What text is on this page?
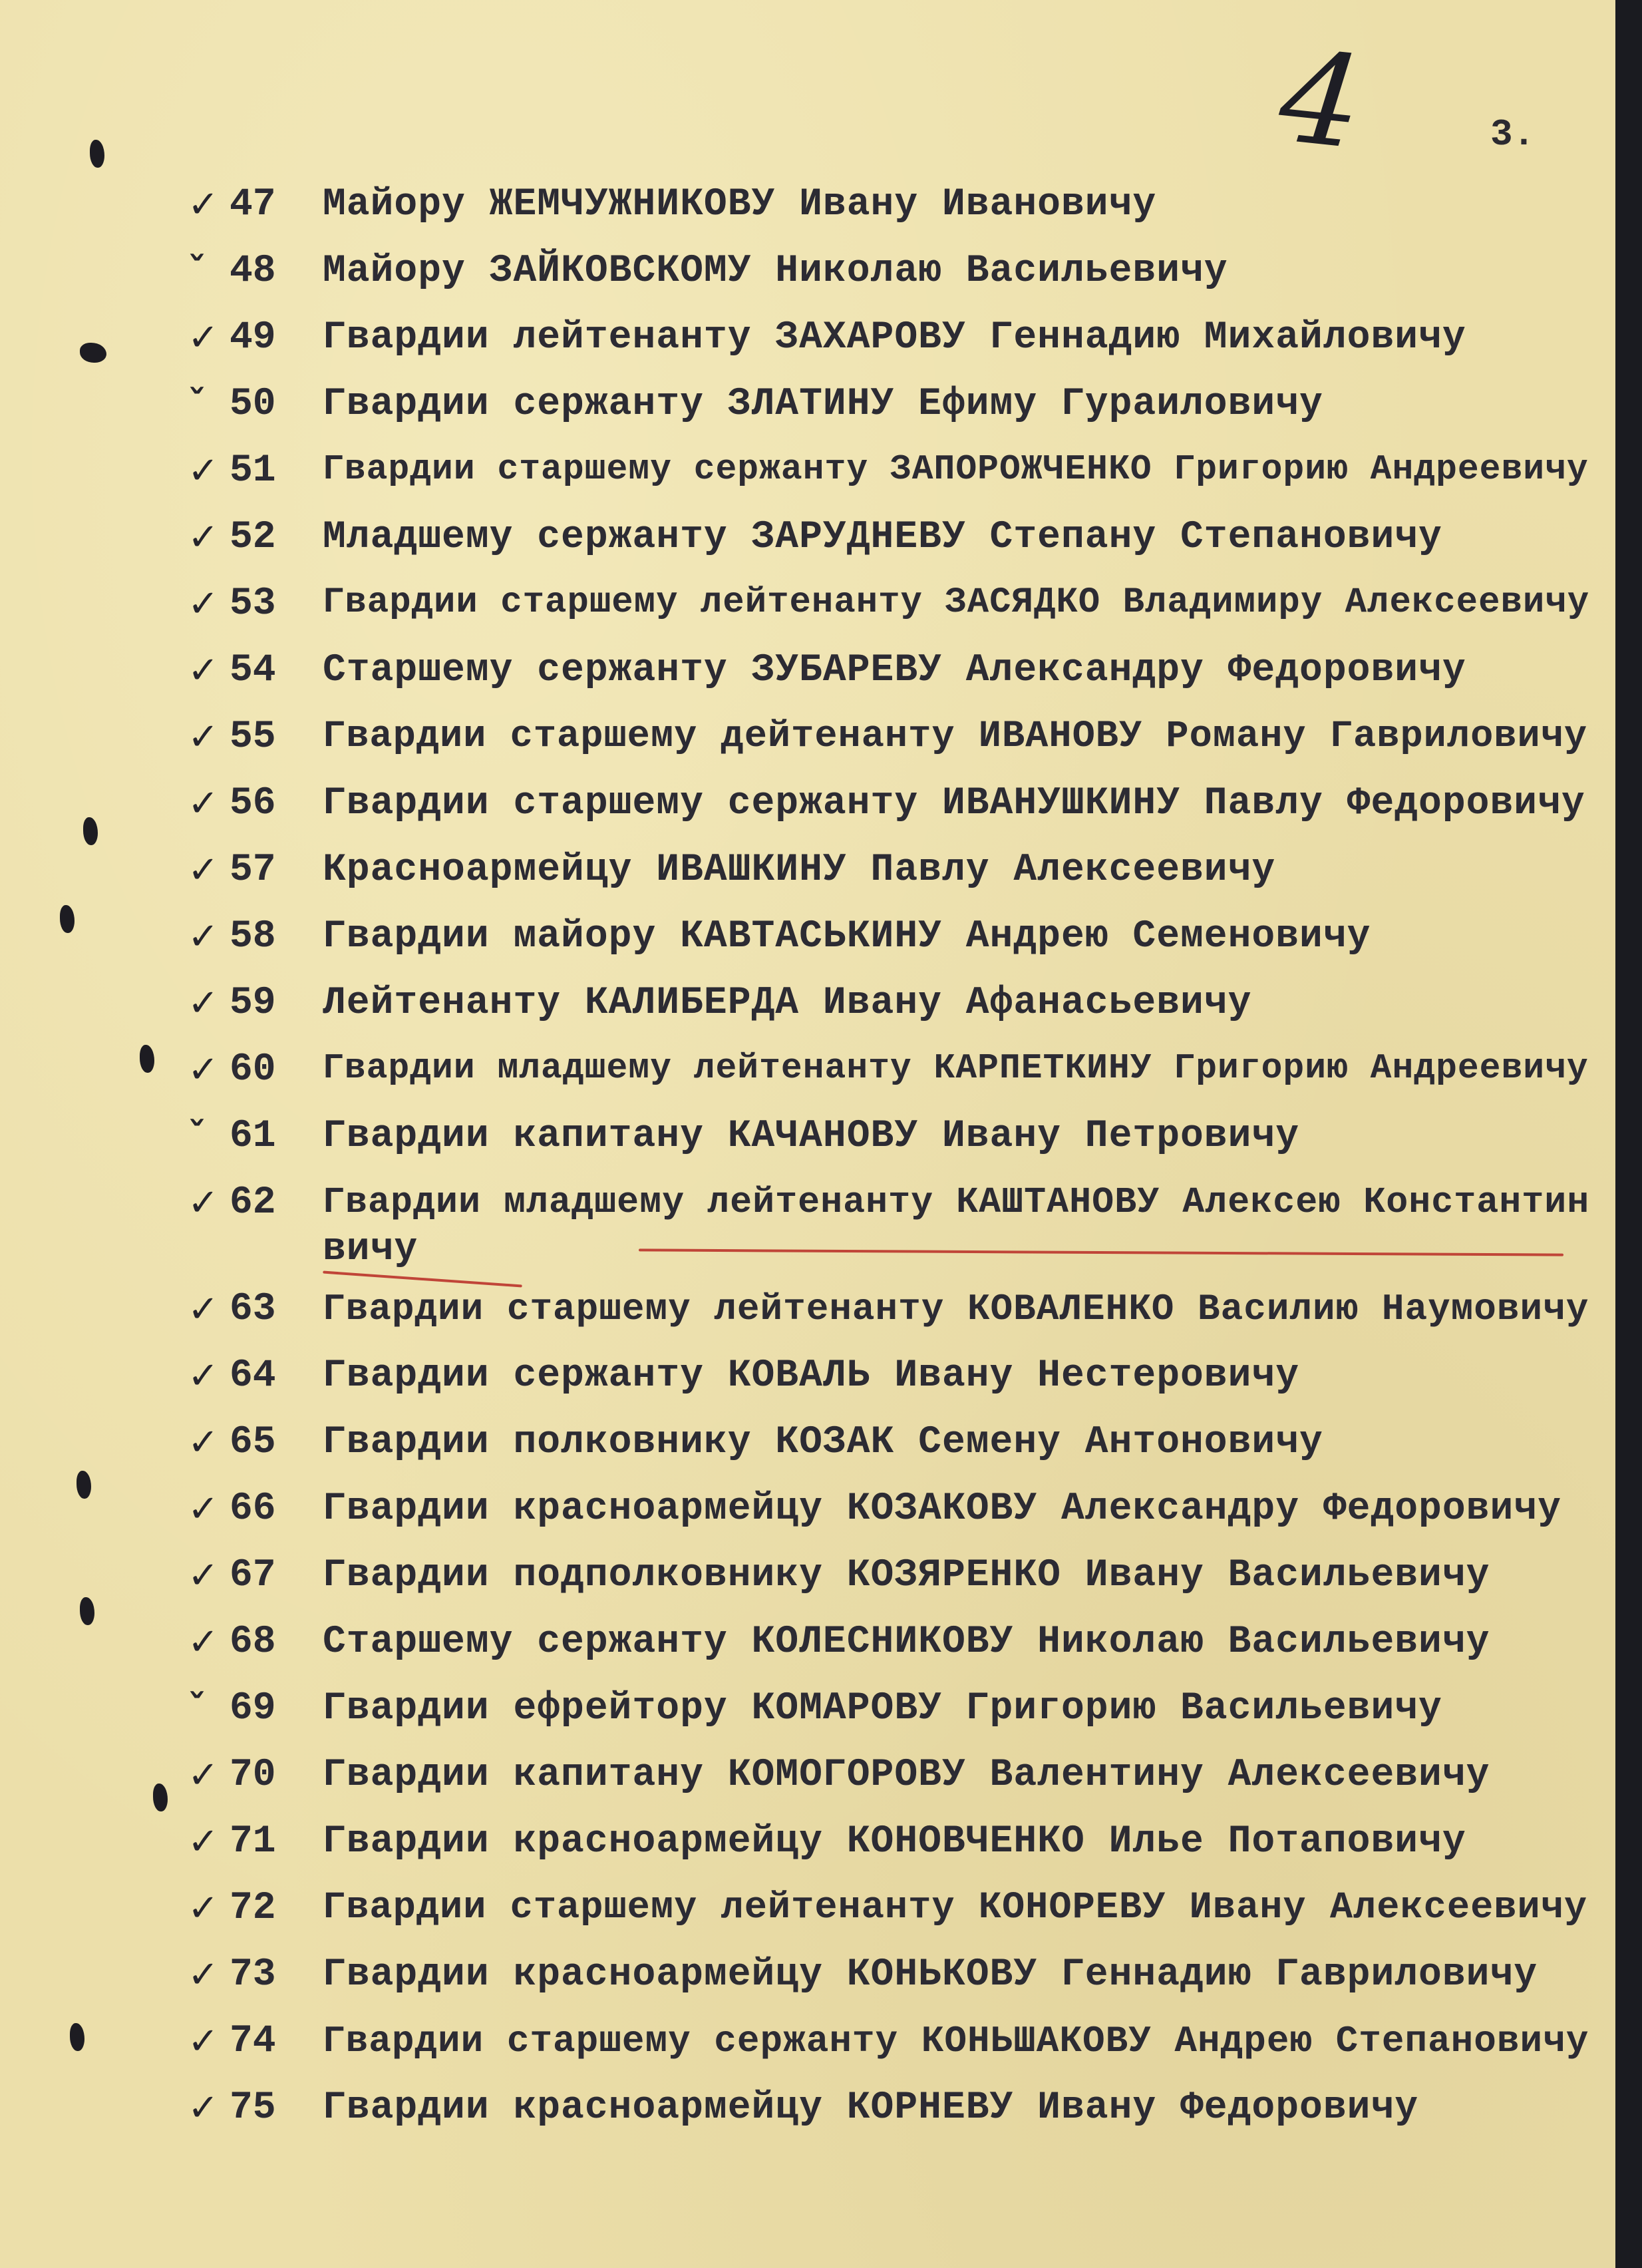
4	3.
✓ 47 Майору ЖЕМЧУЖНИКОВУ Ивану Ивановичу
ˇ 48 Майору ЗАЙКОВСКОМУ Николаю Васильевичу
✓ 49 Гвардии лейтенанту ЗАХАРОВУ Геннадию Михайловичу
ˇ 50 Гвардии сержанту ЗЛАТИНУ Ефиму Гураиловичу
✓ 51 Гвардии старшему сержанту ЗАПОРОЖЧЕНКО Григорию Андреевичу
✓ 52 Младшему сержанту ЗАРУДНЕВУ Степану Степановичу
✓ 53 Гвардии старшему лейтенанту ЗАСЯДКО Владимиру Алексеевичу
✓ 54 Старшему сержанту ЗУБАРЕВУ Александру Федоровичу
✓ 55 Гвардии старшему дейтенанту ИВАНОВУ Роману Гавриловичу
✓ 56 Гвардии старшему сержанту ИВАНУШКИНУ Павлу Федоровичу
✓ 57 Красноармейцу ИВАШКИНУ Павлу Алексеевичу
✓ 58 Гвардии майору КАВТАСЬКИНУ Андрею Семеновичу
✓ 59 Лейтенанту КАЛИБЕРДА Ивану Афанасьевичу
✓ 60 Гвардии младшему лейтенанту КАРПЕТКИНУ Григорию Андреевичу
ˇ 61 Гвардии капитану КАЧАНОВУ Ивану Петровичу
✓ 62 Гвардии младшему лейтенанту КАШТАНОВУ Алексею Константин
вичу
✓ 63 Гвардии старшему лейтенанту КОВАЛЕНКО Василию Наумовичу
✓ 64 Гвардии сержанту КОВАЛЬ Ивану Нестеровичу
✓ 65 Гвардии полковнику КОЗАК Семену Антоновичу
✓ 66 Гвардии красноармейцу КОЗАКОВУ Александру Федоровичу
✓ 67 Гвардии подполковнику КОЗЯРЕНКО Ивану Васильевичу
✓ 68 Старшему сержанту КОЛЕСНИКОВУ Николаю Васильевичу
ˇ 69 Гвардии ефрейтору КОМАРОВУ Григорию Васильевичу
✓ 70 Гвардии капитану КОМОГОРОВУ Валентину Алексеевичу
✓ 71 Гвардии красноармейцу КОНОВЧЕНКО Илье Потаповичу
✓ 72 Гвардии старшему лейтенанту КОНОРЕВУ Ивану Алексеевичу
✓ 73 Гвардии красноармейцу КОНЬКОВУ Геннадию Гавриловичу
✓ 74 Гвардии старшему сержанту КОНЬШАКОВУ Андрею Степановичу
✓ 75 Гвардии красноармейцу КОРНЕВУ Ивану Федоровичу
